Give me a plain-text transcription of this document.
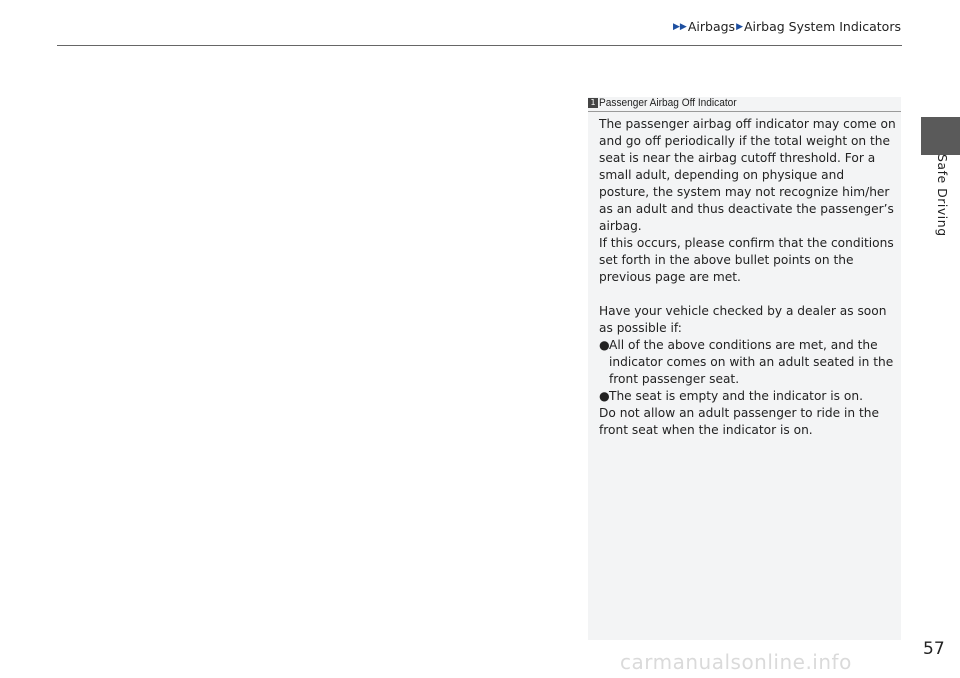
▶▶ Airbags ▶ Airbag System Indicators
Safe Driving
1 Passenger Airbag Off Indicator

The passenger airbag off indicator may come on and go off periodically if the total weight on the seat is near the airbag cutoff threshold. For a small adult, depending on physique and posture, the system may not recognize him/her as an adult and thus deactivate the passenger’s airbag.

If this occurs, please confirm that the conditions set forth in the above bullet points on the previous page are met.

Have your vehicle checked by a dealer as soon as possible if:

● All of the above conditions are met, and the indicator comes on with an adult seated in the front passenger seat.
● The seat is empty and the indicator is on.

Do not allow an adult passenger to ride in the front seat when the indicator is on.

57
carmanualsonline.info
